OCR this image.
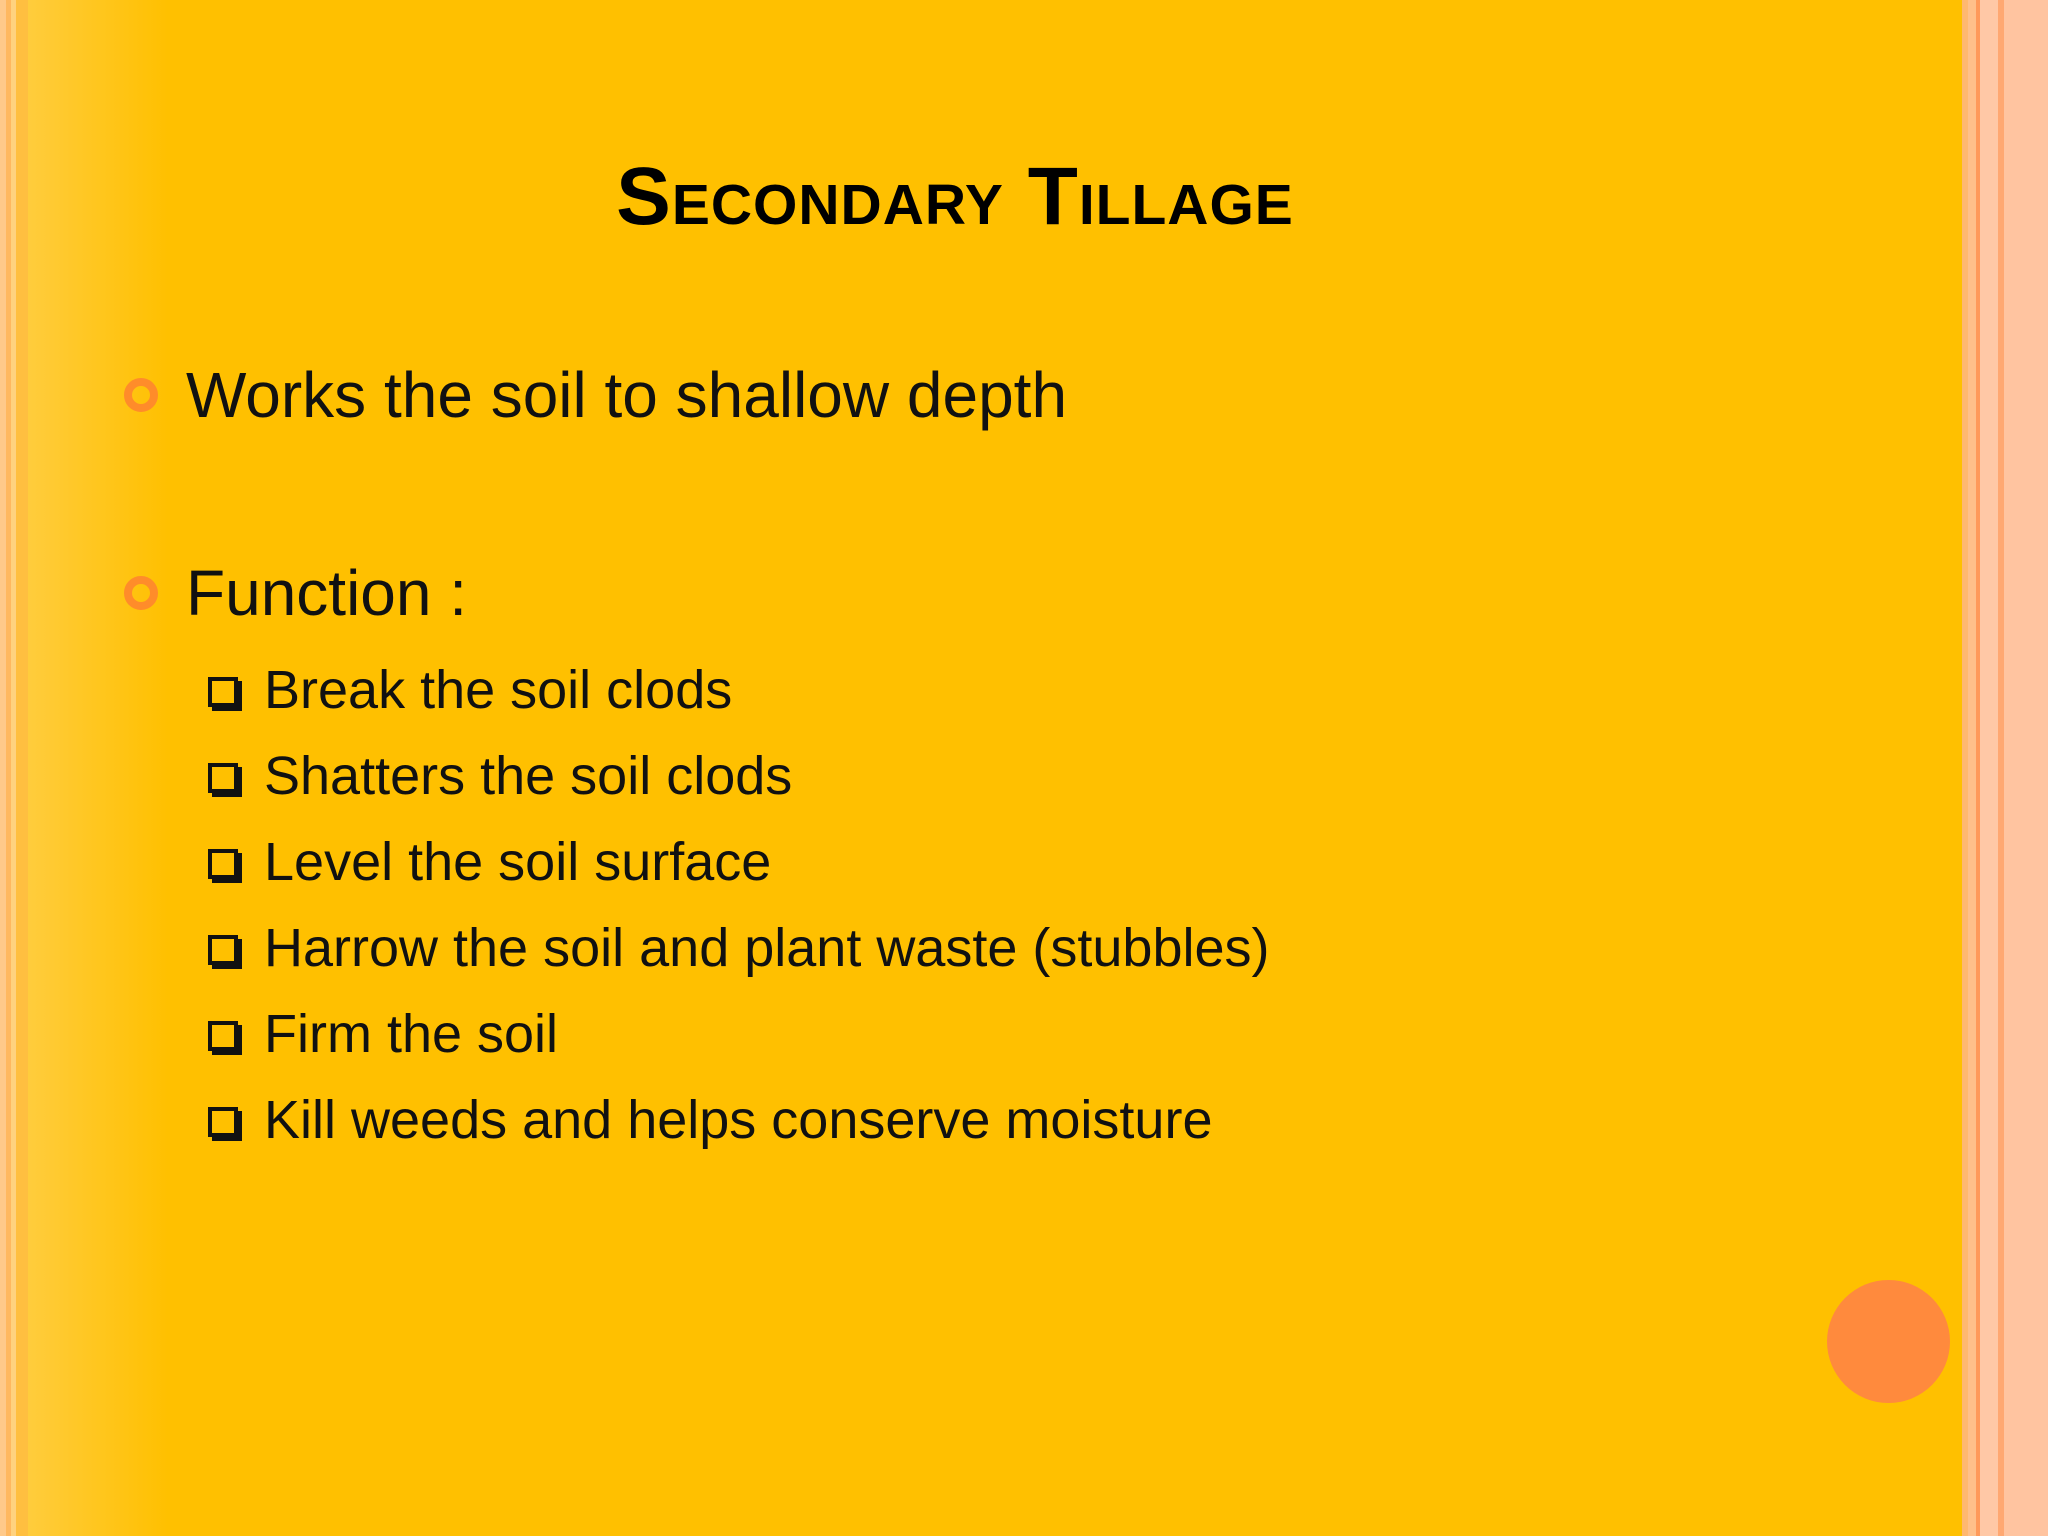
Secondary Tillage
Works the soil to shallow depth
Function :
Break the soil clods
Shatters the soil clods
Level the soil surface
Harrow the soil and plant waste (stubbles)
Firm the soil
Kill weeds and helps conserve moisture
